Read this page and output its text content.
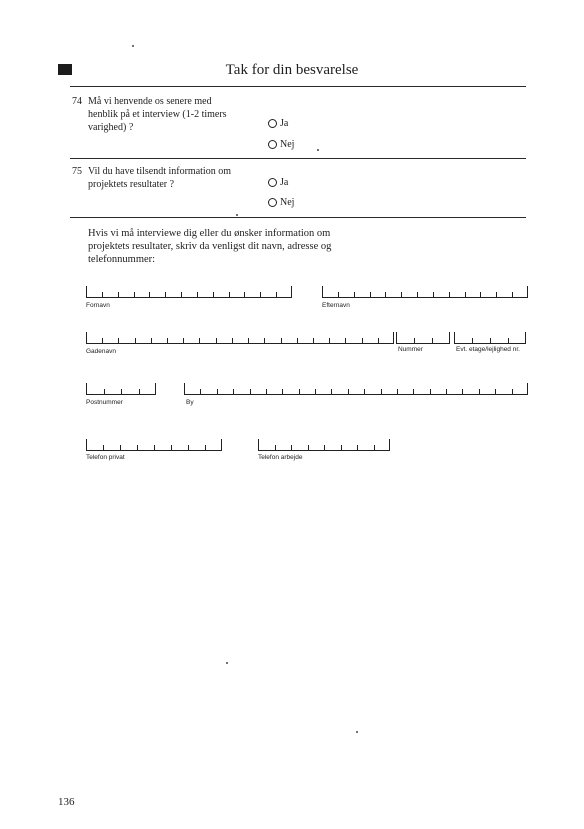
Tak for din besvarelse
74 Må vi henvende os senere med henblik på et interview (1-2 timers varighed) ?	Ja
Nej
75 Vil du have tilsendt information om projektets resultater ?	Ja
Nej
Hvis vi må interviewe dig eller du ønsker information om projektets resultater, skriv da venligst dit navn, adresse og telefonnummer:
Fornavn	Efternavn
Gadenavn	Nummer	Evt. etage/lejlighed nr.
Postnummer	By
Telefon privat	Telefon arbejde
136
